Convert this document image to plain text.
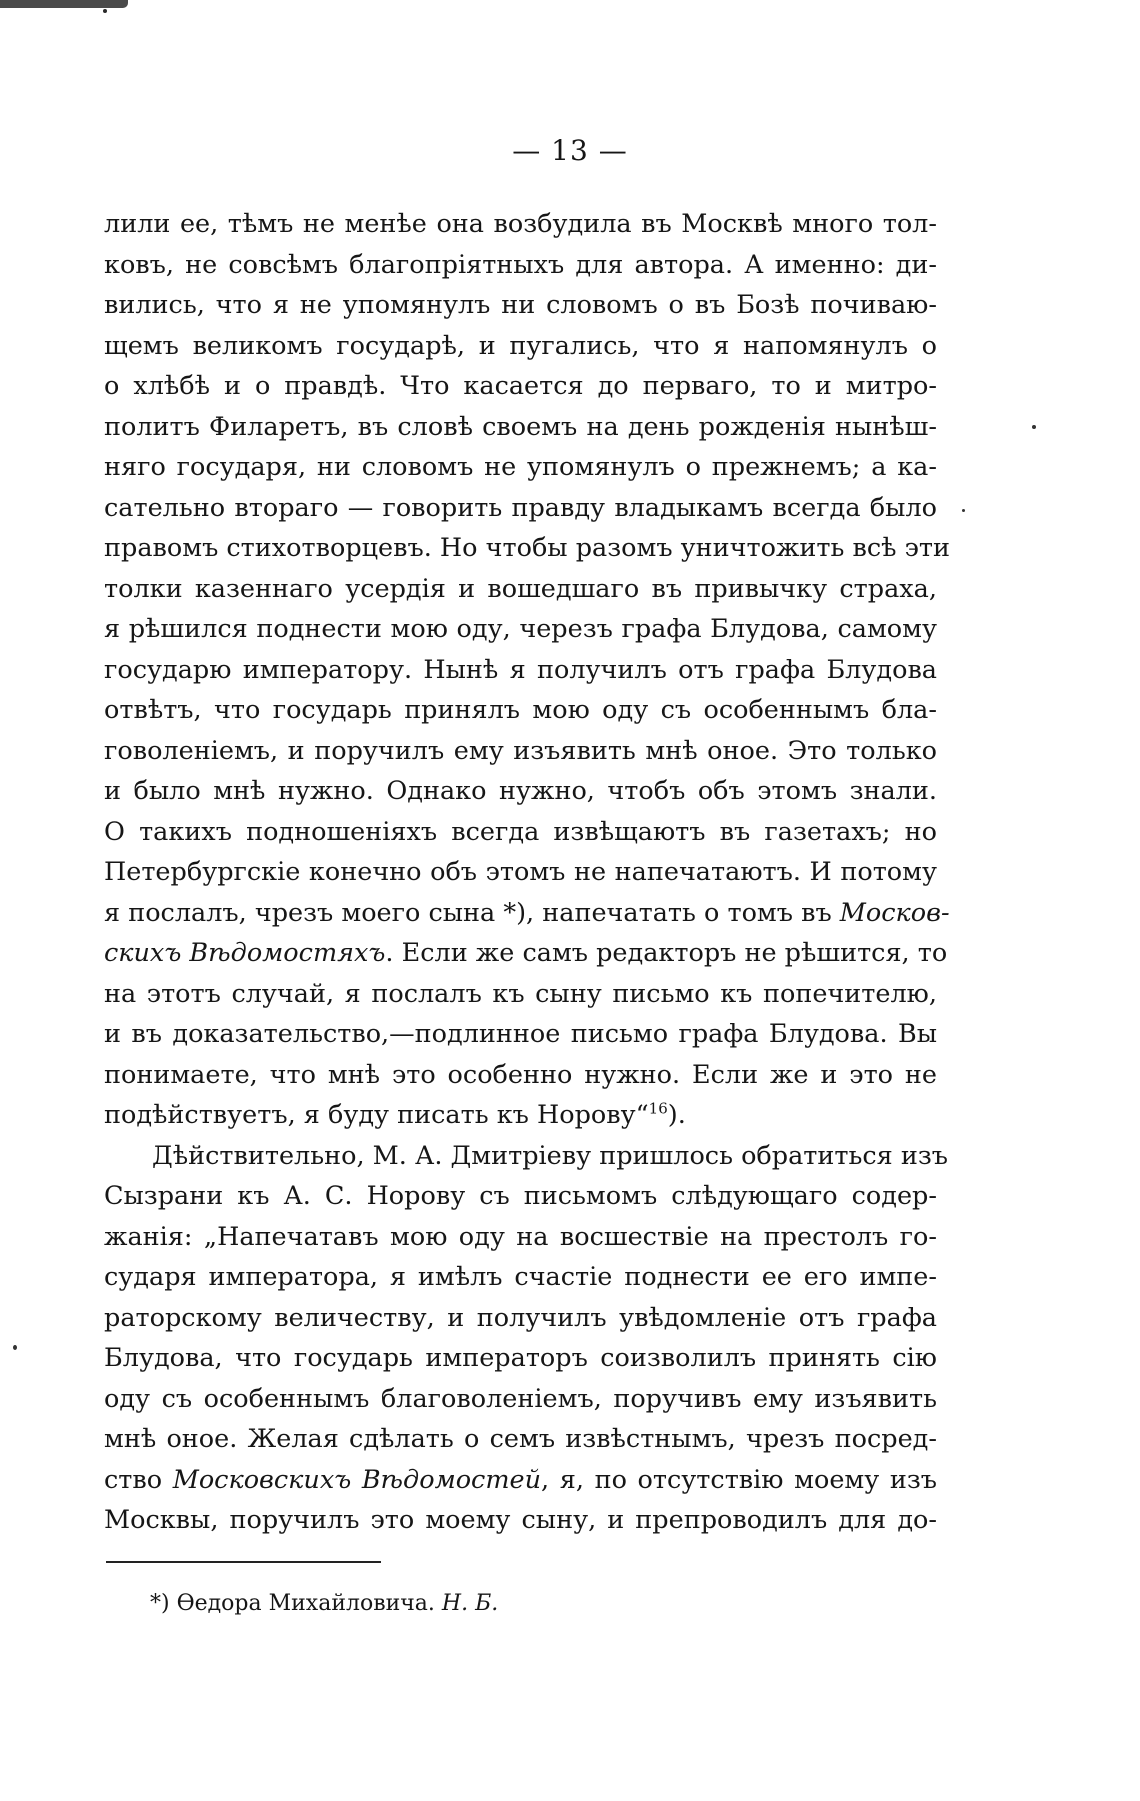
— 13 —
лили ее, тѣмъ не менѣе она возбудила въ Москвѣ много тол-
ковъ, не совсѣмъ благопріятныхъ для автора. А именно: ди-
вились, что я не упомянулъ ни словомъ о въ Бозѣ почиваю-
щемъ великомъ государѣ, и пугались, что я напомянулъ о
о хлѣбѣ и о правдѣ. Что касается до перваго, то и митро-
политъ Филаретъ, въ словѣ своемъ на день рожденія нынѣш-
няго государя, ни словомъ не упомянулъ о прежнемъ; а ка-
сательно втораго — говорить правду владыкамъ всегда было
правомъ стихотворцевъ. Но чтобы разомъ уничтожить всѣ эти
толки казеннаго усердія и вошедшаго въ привычку страха,
я рѣшился поднести мою оду, черезъ графа Блудова, самому
государю императору. Нынѣ я получилъ отъ графа Блудова
отвѣтъ, что государь принялъ мою оду съ особеннымъ бла-
говоленіемъ, и поручилъ ему изъявить мнѣ оное. Это только
и было мнѣ нужно. Однако нужно, чтобъ объ этомъ знали.
О такихъ подношеніяхъ всегда извѣщаютъ въ газетахъ; но
Петербургскіе конечно объ этомъ не напечатаютъ. И потому
я послалъ, чрезъ моего сына *), напечатать о томъ въ Москов-
скихъ Вѣдомостяхъ. Если же самъ редакторъ не рѣшится, то
на этотъ случай, я послалъ къ сыну письмо къ попечителю,
и въ доказательство,—подлинное письмо графа Блудова. Вы
понимаете, что мнѣ это особенно нужно. Если же и это не
подѣйствуетъ, я буду писать къ Норову“$^{16}$).
Дѣйствительно, М. А. Дмитріеву пришлось обратиться изъ
Сызрани къ А. С. Норову съ письмомъ слѣдующаго содер-
жанія: „Напечатавъ мою оду на восшествіе на престолъ го-
сударя императора, я имѣлъ счастіе поднести ее его импе-
раторскому величеству, и получилъ увѣдомленіе отъ графа
Блудова, что государь императоръ соизволилъ принять сію
оду съ особеннымъ благоволеніемъ, поручивъ ему изъявить
мнѣ оное. Желая сдѣлать о семъ извѣстнымъ, чрезъ посред-
ство Московскихъ Вѣдомостей, я, по отсутствію моему изъ
Москвы, поручилъ это моему сыну, и препроводилъ для до-
*) Ѳедора Михайловича. Н. Б.
